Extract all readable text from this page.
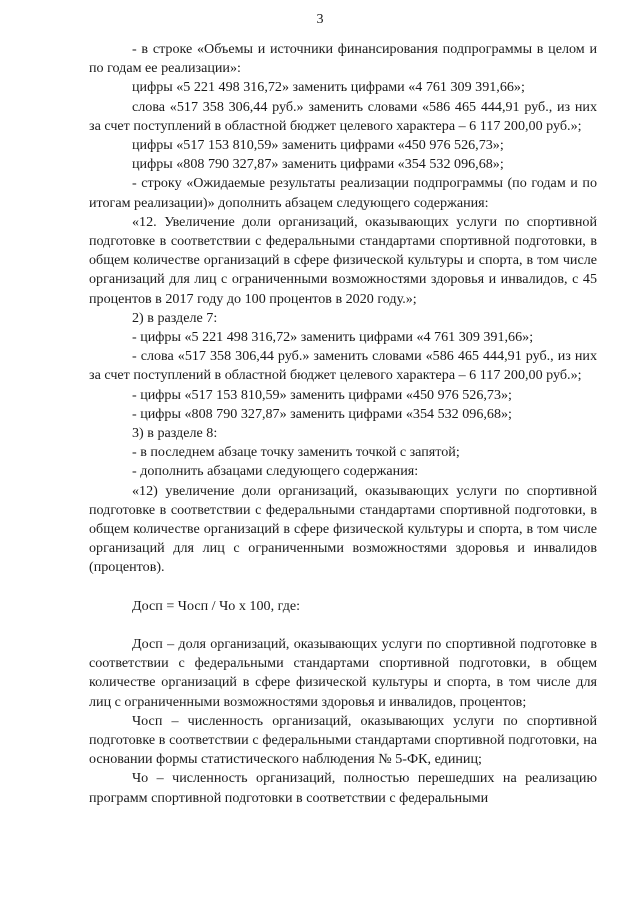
3

- в строке «Объемы и источники финансирования подпрограммы в целом и по годам ее реализации»:

цифры «5 221 498 316,72» заменить цифрами «4 761 309 391,66»;

слова «517 358 306,44 руб.» заменить словами «586 465 444,91 руб., из них за счет поступлений в областной бюджет целевого характера – 6 117 200,00 руб.»;

цифры «517 153 810,59» заменить цифрами «450 976 526,73»;

цифры «808 790 327,87» заменить цифрами «354 532 096,68»;

- строку «Ожидаемые результаты реализации подпрограммы (по годам и по итогам реализации)» дополнить абзацем следующего содержания:

«12. Увеличение доли организаций, оказывающих услуги по спортивной подготовке в соответствии с федеральными стандартами спортивной подготовки, в общем количестве организаций в сфере физической культуры и спорта, в том числе организаций для лиц с ограниченными возможностями здоровья и инвалидов, с 45 процентов в 2017 году до 100 процентов в 2020 году.»;

2) в разделе 7:

- цифры «5 221 498 316,72» заменить цифрами «4 761 309 391,66»;

- слова «517 358 306,44 руб.» заменить словами «586 465 444,91 руб., из них за счет поступлений в областной бюджет целевого характера – 6 117 200,00 руб.»;

- цифры «517 153 810,59» заменить цифрами «450 976 526,73»;

- цифры «808 790 327,87» заменить цифрами «354 532 096,68»;

3) в разделе 8:

- в последнем абзаце точку заменить точкой с запятой;

- дополнить абзацами следующего содержания:

«12) увеличение доли организаций, оказывающих услуги по спортивной подготовке в соответствии с федеральными стандартами спортивной подготовки, в общем количестве организаций в сфере физической культуры и спорта, в том числе организаций для лиц с ограниченными возможностями здоровья и инвалидов (процентов).

Досп = Чосп / Чо х 100, где:

Досп – доля организаций, оказывающих услуги по спортивной подготовке в соответствии с федеральными стандартами спортивной подготовки, в общем количестве организаций в сфере физической культуры и спорта, в том числе для лиц с ограниченными возможностями здоровья и инвалидов, процентов;

Чосп – численность организаций, оказывающих услуги по спортивной подготовке в соответствии с федеральными стандартами спортивной подготовки, на основании формы статистического наблюдения № 5-ФК, единиц;

Чо – численность организаций, полностью перешедших на реализацию программ спортивной подготовки в соответствии с федеральными
